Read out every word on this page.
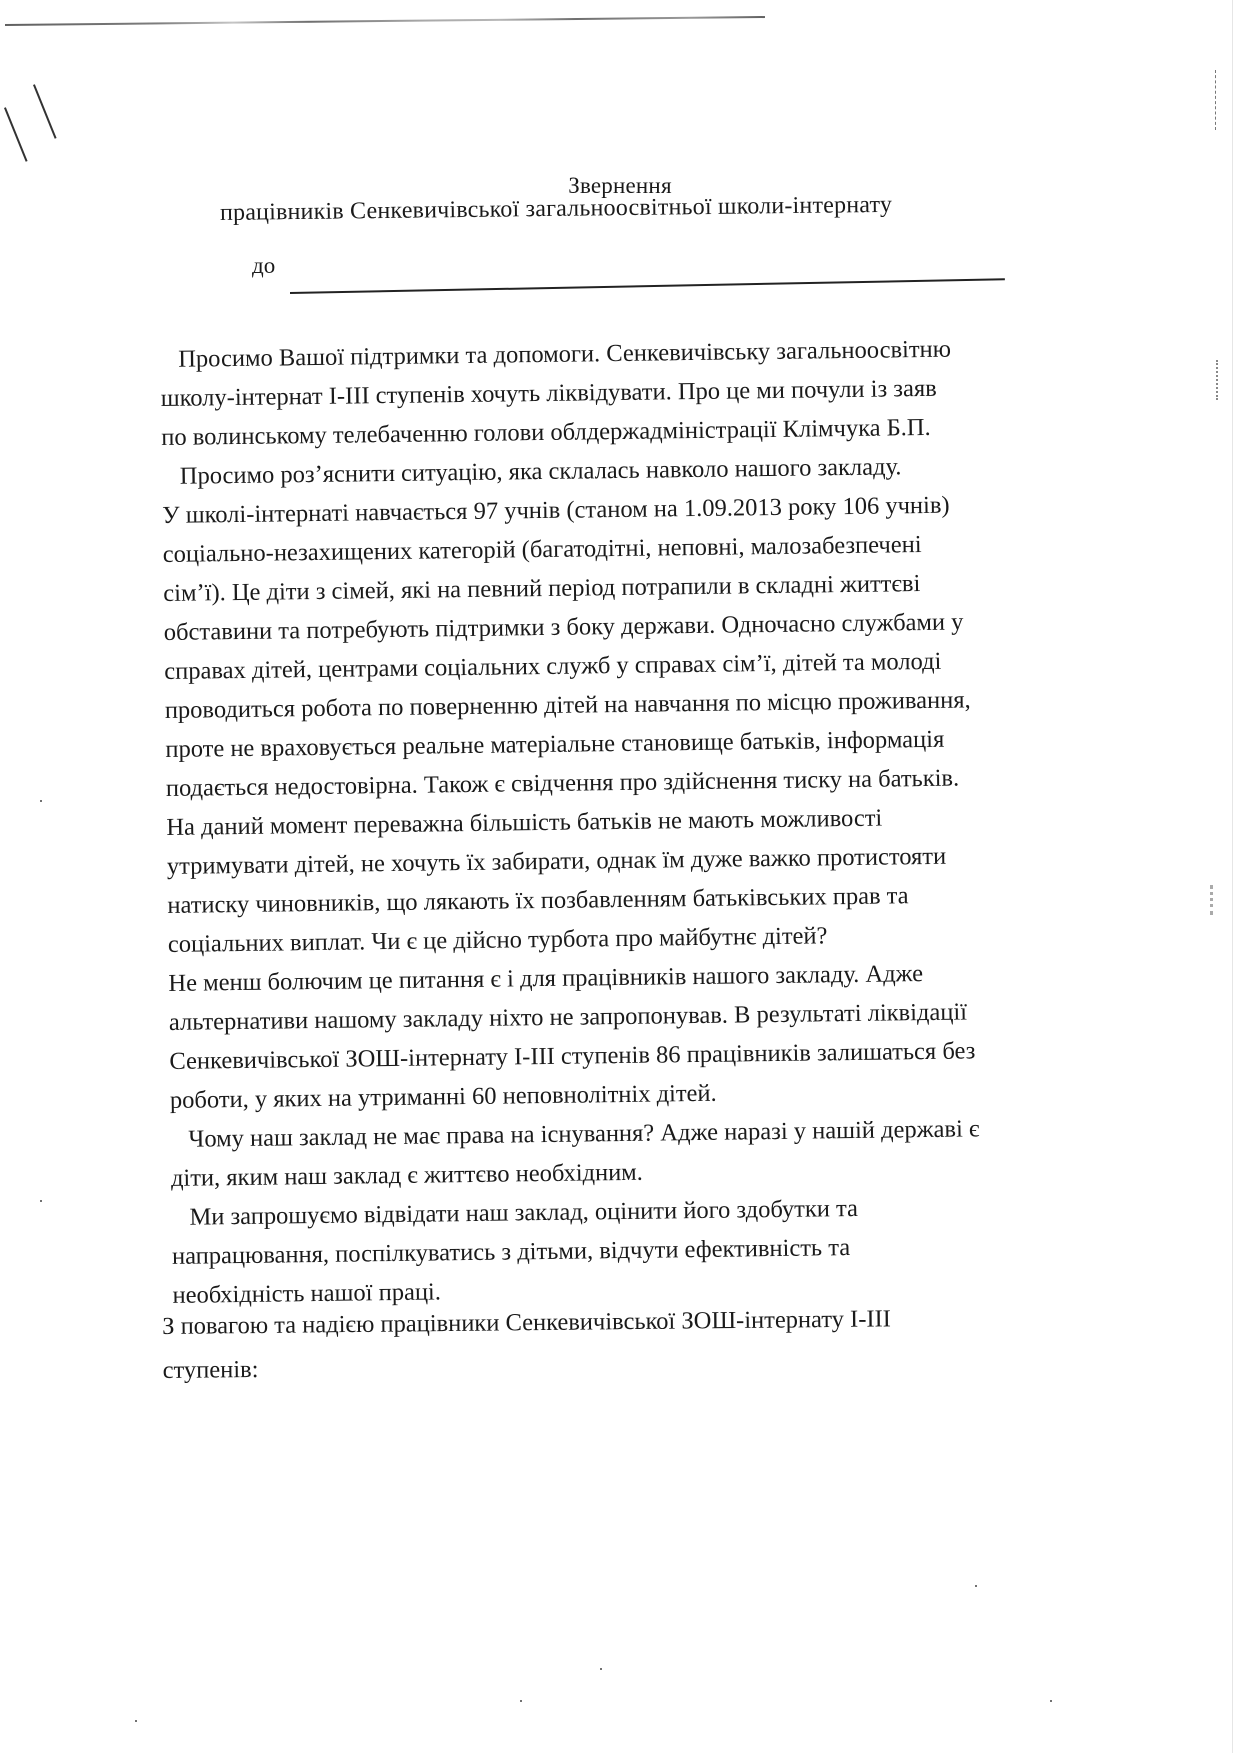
Звернення
працівників Сенкевичівської загальноосвітньої школи-інтернату
до
Просимо Вашої підтримки та допомоги. Сенкевичівську загальноосвітню
школу-інтернат І-ІІІ ступенів хочуть ліквідувати. Про це ми почули із заяв
по волинському телебаченню голови облдержадміністрації Клімчука Б.П.
Просимо роз’яснити ситуацію, яка склалась навколо нашого закладу.
У школі-інтернаті навчається 97 учнів (станом на 1.09.2013 року 106 учнів)
соціально-незахищених категорій (багатодітні, неповні, малозабезпечені
сім’ї). Це діти з сімей, які на певний період потрапили в складні життєві
обставини та потребують підтримки з боку держави. Одночасно службами у
справах дітей, центрами соціальних служб у справах сім’ї, дітей та молоді
проводиться робота по поверненню дітей на навчання по місцю проживання,
проте не враховується реальне матеріальне становище батьків, інформація
подається недостовірна. Також є свідчення про здійснення тиску на батьків.
На даний момент переважна більшість батьків не мають можливості
утримувати дітей, не хочуть їх забирати, однак їм дуже важко протистояти
натиску чиновників, що лякають їх позбавленням батьківських прав та
соціальних виплат. Чи є це дійсно турбота про майбутнє дітей?
Не менш болючим це питання є і для працівників нашого закладу. Адже
альтернативи нашому закладу ніхто не запропонував. В результаті ліквідації
Сенкевичівської ЗОШ-інтернату І-ІІІ ступенів 86 працівників залишаться без
роботи, у яких на утриманні 60 неповнолітніх дітей.
Чому наш заклад не має права на існування? Адже наразі у нашій державі є
діти, яким наш заклад є життєво необхідним.
Ми запрошуємо відвідати наш заклад, оцінити його здобутки та
напрацювання, поспілкуватись з дітьми, відчути ефективність та
необхідність нашої праці.
З повагою та надією працівники Сенкевичівської ЗОШ-інтернату І-ІІІ
ступенів:
